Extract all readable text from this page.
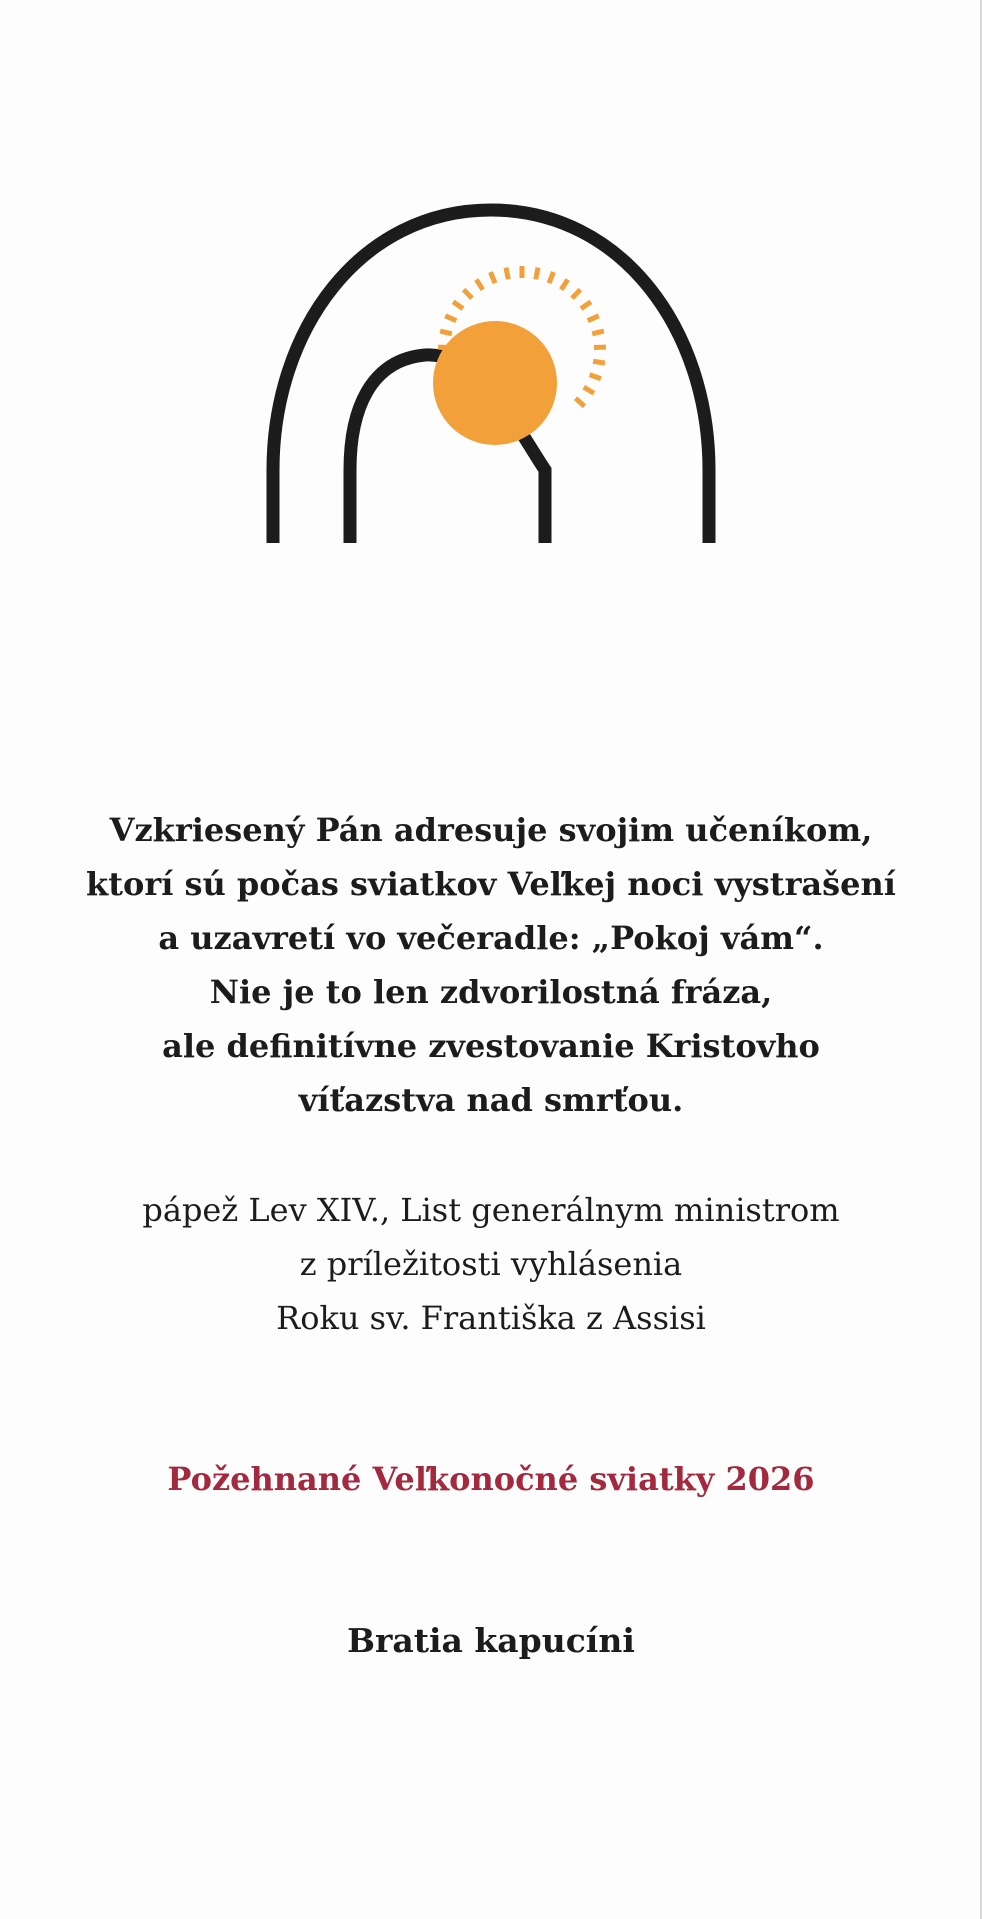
Vzkriesený Pán adresuje svojim učeníkom,
ktorí sú počas sviatkov Veľkej noci vystrašení
a uzavretí vo večeradle: „Pokoj vám“.
Nie je to len zdvorilostná fráza,
ale definitívne zvestovanie Kristovho
víťazstva nad smrťou.
pápež Lev XIV., List generálnym ministrom
z príležitosti vyhlásenia
Roku sv. Františka z Assisi
Požehnané Veľkonočné sviatky 2026
Bratia kapucíni
